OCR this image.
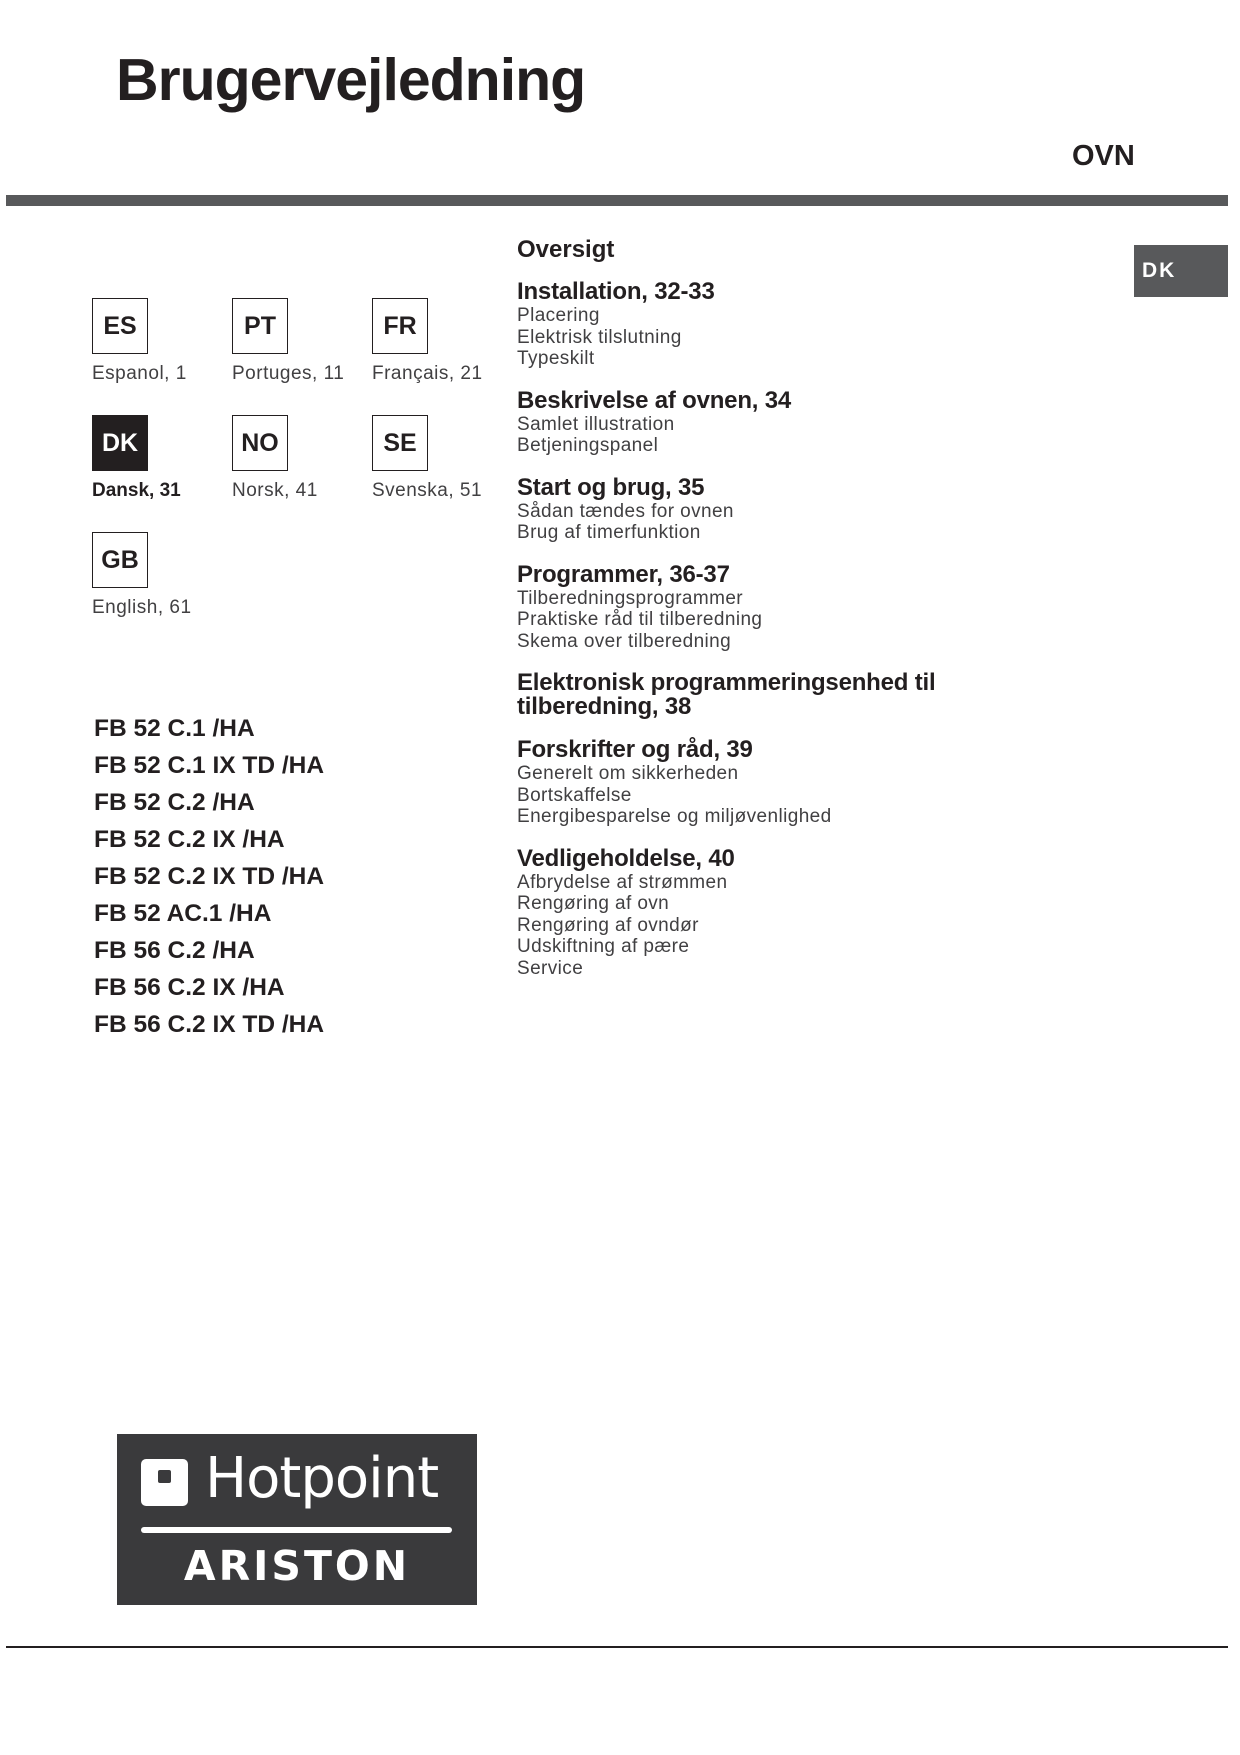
Brugervejledning
OVN
DK
ES
Espanol, 1
PT
Portuges, 11
FR
Français, 21
DK
Dansk, 31
NO
Norsk, 41
SE
Svenska, 51
GB
English, 61
FB 52 C.1 /HA
FB 52 C.1 IX TD /HA
FB 52 C.2 /HA
FB 52 C.2 IX /HA
FB 52 C.2 IX TD /HA
FB 52 AC.1 /HA
FB 56 C.2 /HA
FB 56 C.2 IX /HA
FB 56 C.2 IX TD /HA
Oversigt
Installation, 32-33
Placering
Elektrisk tilslutning
Typeskilt
Beskrivelse af ovnen, 34
Samlet illustration
Betjeningspanel
Start og brug, 35
Sådan tændes for ovnen
Brug af timerfunktion
Programmer, 36-37
Tilberedningsprogrammer
Praktiske råd til tilberedning
Skema over tilberedning
Elektronisk programmeringsenhed til tilberedning, 38
Forskrifter og råd, 39
Generelt om sikkerheden
Bortskaffelse
Energibesparelse og miljøvenlighed
Vedligeholdelse, 40
Afbrydelse af strømmen
Rengøring af ovn
Rengøring af ovndør
Udskiftning af pære
Service
Hotpoint
ARISTON
